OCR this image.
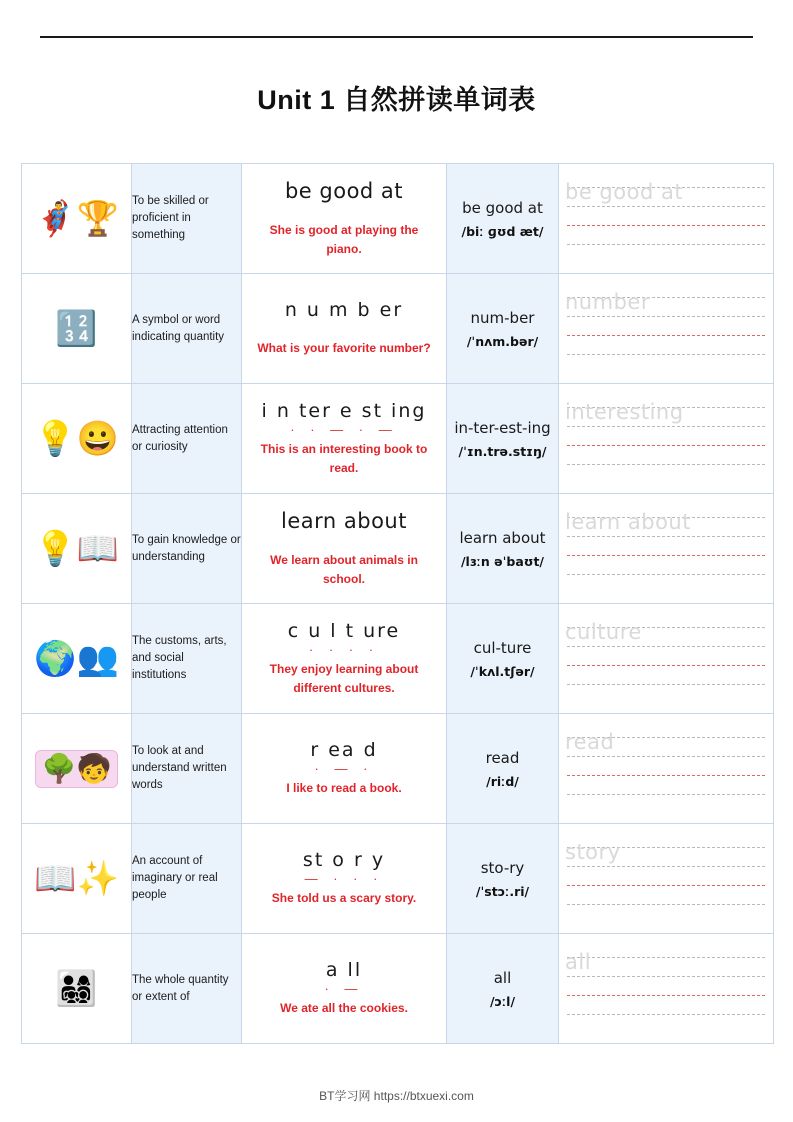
Unit 1 自然拼读单词表
🦸‍♂️🏆	To be skilled or proficient in something	
be good at
She is good at playing the piano.

be good at
/biː ɡʊd æt/

be good at

🔢	A symbol or word indicating quantity	
n u m b er
What is your favorite number?

num-ber
/ˈnʌm.bər/

number

💡😀	Attracting attention or curiosity	
i n ter e st ing
· · — · —
This is an interesting book to read.

in-ter-est-ing
/ˈɪn.trə.stɪŋ/

interesting

💡📖	To gain knowledge or understanding	
learn about
We learn about animals in school.

learn about
/lɜːn əˈbaʊt/

learn about

🌍👥	The customs, arts, and social institutions	
c u l t ure
· · · ·
They enjoy learning about different cultures.

cul-ture
/ˈkʌl.tʃər/

culture

🌳🧒
	To look at and understand written words	
r ea d
· — ·
I like to read a book.

read
/riːd/

read

📖✨	An account of imaginary or real people	
st o r y
— · · ·
She told us a scary story.

sto-ry
/ˈstɔː.ri/

story

👨‍👩‍👧‍👦	The whole quantity or extent of	
a ll
· —
We ate all the cookies.

all
/ɔːl/

all
BT学习网 https://btxuexi.com
